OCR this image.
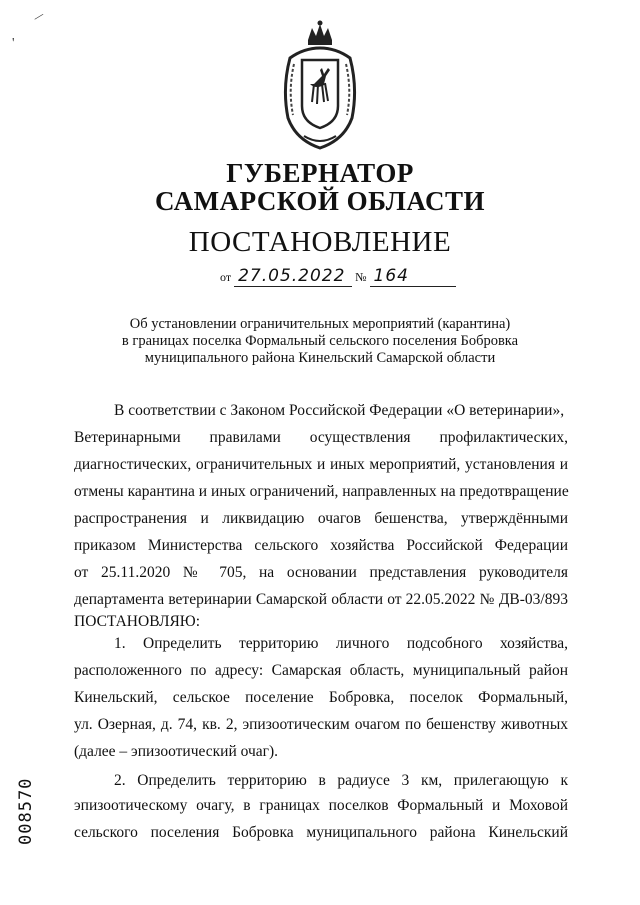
/
'
ГУБЕРНАТОР
САМАРСКОЙ ОБЛАСТИ
ПОСТАНОВЛЕНИЕ
от 27.05.2022 № 164
Об установлении ограничительных мероприятий (карантина)
в границах поселка Формальный сельского поселения Бобровка
муниципального района Кинельский Самарской области
В соответствии с Законом Российской Федерации «О ветеринарии»,
Ветеринарными правилами осуществления профилактических,
диагностических, ограничительных и иных мероприятий, установления и
отмены карантина и иных ограничений, направленных на предотвращение
распространения и ликвидацию очагов бешенства, утверждёнными
приказом Министерства сельского хозяйства Российской Федерации
от 25.11.2020 № 705, на основании представления руководителя
департамента ветеринарии Самарской области от 22.05.2022 № ДВ-03/893
ПОСТАНОВЛЯЮ:
1. Определить территорию личного подсобного хозяйства,
расположенного по адресу: Самарская область, муниципальный район
Кинельский, сельское поселение Бобровка, поселок Формальный,
ул. Озерная, д. 74, кв. 2, эпизоотическим очагом по бешенству животных
(далее – эпизоотический очаг).
2. Определить территорию в радиусе 3 км, прилегающую к
эпизоотическому очагу, в границах поселков Формальный и Моховой
сельского поселения Бобровка муниципального района Кинельский
008570
